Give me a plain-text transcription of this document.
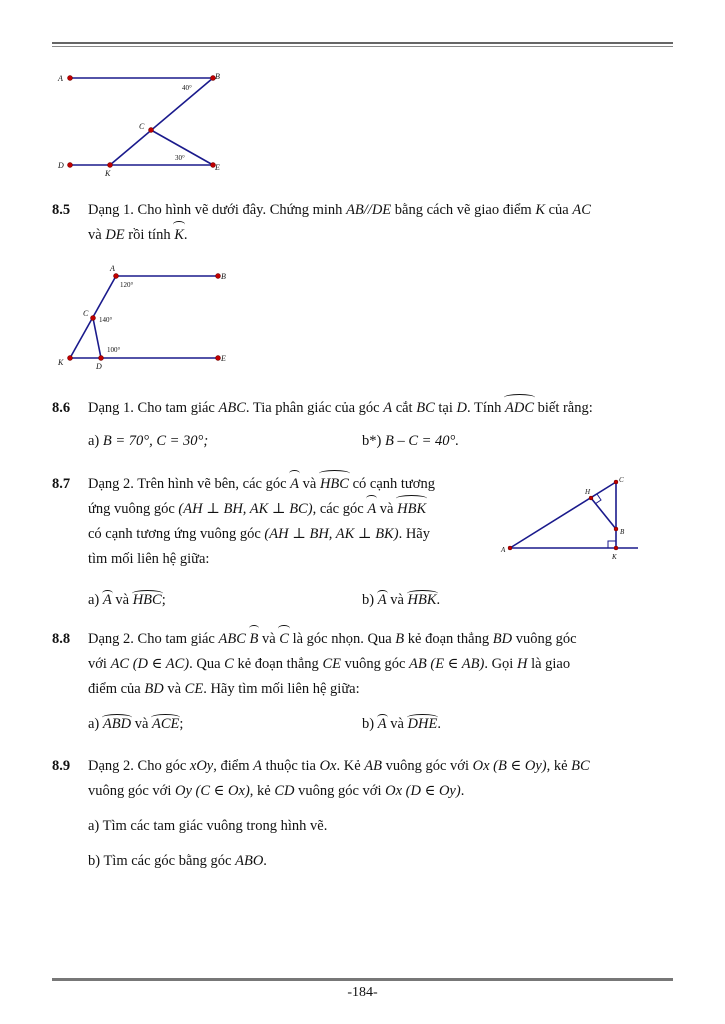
A	B
C
D
K
E
40°
30°
8.5 Dạng 1. Cho hình vẽ dưới đây. Chứng minh AB//DE bằng cách vẽ giao điểm K của AC
và DE rồi tính K.
A
B
C
K	D
E
120°
140°
100°
8.6 Dạng 1. Cho tam giác ABC. Tia phân giác của góc A cắt BC tại D. Tính ADC biết rằng:
a) B = 70°, C = 30°;	b*) B – C = 40°.
8.7 Dạng 2. Trên hình vẽ bên, các góc A và HBC có cạnh tương
ứng vuông góc (AH ⊥ BH, AK ⊥ BC), các góc A và HBK
có cạnh tương ứng vuông góc (AH ⊥ BH, AK ⊥ BK). Hãy
tìm mối liên hệ giữa:
A
C
H
B
K
a) A và HBC;	b) A và HBK.
8.8 Dạng 2. Cho tam giác ABC B và C là góc nhọn. Qua B kẻ đoạn thẳng BD vuông góc
với AC (D ∈ AC). Qua C kẻ đoạn thẳng CE vuông góc AB (E ∈ AB). Gọi H là giao
điểm của BD và CE. Hãy tìm mối liên hệ giữa:
a) ABD và ACE;	b) A và DHE.
8.9 Dạng 2. Cho góc xOy, điểm A thuộc tia Ox. Kẻ AB vuông góc với Ox (B ∈ Oy), kẻ BC
vuông góc với Oy (C ∈ Ox), kẻ CD vuông góc với Ox (D ∈ Oy).
a) Tìm các tam giác vuông trong hình vẽ.
b) Tìm các góc bằng góc ABO.
-184-
